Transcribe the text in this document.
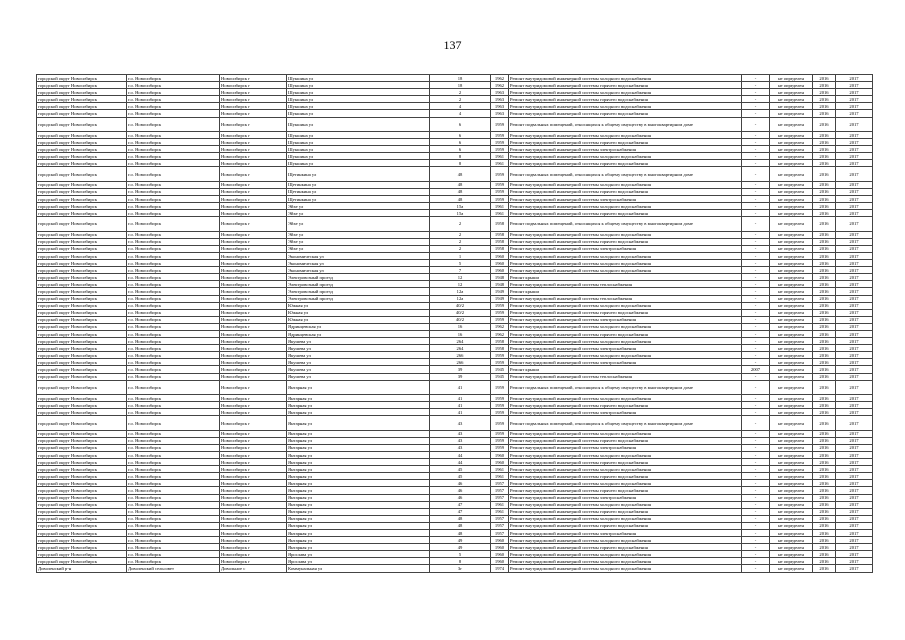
137
городской округ Новосибирск	г.о. Новосибирск	Новосибирск г	Шукшина ул	18	1962	Ремонт внутридомовой инженерной системы холодного водоснабжения	-	не определен	2016	2017
городской округ Новосибирск	г.о. Новосибирск	Новосибирск г	Шукшина ул	18	1962	Ремонт внутридомовой инженерной системы горячего водоснабжения	-	не определен	2016	2017
городской округ Новосибирск	г.о. Новосибирск	Новосибирск г	Шукшина ул	2	1963	Ремонт внутридомовой инженерной системы холодного водоснабжения	-	не определен	2016	2017
городской округ Новосибирск	г.о. Новосибирск	Новосибирск г	Шукшина ул	2	1963	Ремонт внутридомовой инженерной системы горячего водоснабжения	-	не определен	2016	2017
городской округ Новосибирск	г.о. Новосибирск	Новосибирск г	Шукшина ул	4	1963	Ремонт внутридомовой инженерной системы холодного водоснабжения	-	не определен	2016	2017
городской округ Новосибирск	г.о. Новосибирск	Новосибирск г	Шукшина ул	4	1963	Ремонт внутридомовой инженерной системы горячего водоснабжения	-	не определен	2016	2017
городской округ Новосибирск	г.о. Новосибирск	Новосибирск г	Шукшина ул	6	1959	Ремонт подвальных помещений, относящихся к общему имуществу в многоквартирном доме	-	не определен	2016	2017
городской округ Новосибирск	г.о. Новосибирск	Новосибирск г	Шукшина ул	6	1959	Ремонт внутридомовой инженерной системы холодного водоснабжения	-	не определен	2016	2017
городской округ Новосибирск	г.о. Новосибирск	Новосибирск г	Шукшина ул	6	1959	Ремонт внутридомовой инженерной системы горячего водоснабжения	-	не определен	2016	2017
городской округ Новосибирск	г.о. Новосибирск	Новосибирск г	Шукшина ул	6	1959	Ремонт внутридомовой инженерной системы электроснабжения	-	не определен	2016	2017
городской округ Новосибирск	г.о. Новосибирск	Новосибирск г	Шукшина ул	8	1961	Ремонт внутридомовой инженерной системы холодного водоснабжения	-	не определен	2016	2017
городской округ Новосибирск	г.о. Новосибирск	Новосибирск г	Шукшина ул	8	1961	Ремонт внутридомовой инженерной системы горячего водоснабжения	-	не определен	2016	2017
городской округ Новосибирск	г.о. Новосибирск	Новосибирск г	Щетинкина ул	48	1959	Ремонт подвальных помещений, относящихся к общему имуществу в многоквартирном доме	-	не определен	2016	2017
городской округ Новосибирск	г.о. Новосибирск	Новосибирск г	Щетинкина ул	48	1959	Ремонт внутридомовой инженерной системы холодного водоснабжения	-	не определен	2016	2017
городской округ Новосибирск	г.о. Новосибирск	Новосибирск г	Щетинкина ул	48	1959	Ремонт внутридомовой инженерной системы горячего водоснабжения	-	не определен	2016	2017
городской округ Новосибирск	г.о. Новосибирск	Новосибирск г	Щетинкина ул	48	1959	Ремонт внутридомовой инженерной системы электроснабжения	-	не определен	2016	2017
городской округ Новосибирск	г.о. Новосибирск	Новосибирск г	Эйхе ул	15а	1961	Ремонт внутридомовой инженерной системы холодного водоснабжения	-	не определен	2016	2017
городской округ Новосибирск	г.о. Новосибирск	Новосибирск г	Эйхе ул	15а	1961	Ремонт внутридомовой инженерной системы горячего водоснабжения	-	не определен	2016	2017
городской округ Новосибирск	г.о. Новосибирск	Новосибирск г	Эйхе ул	2	1958	Ремонт подвальных помещений, относящихся к общему имуществу в многоквартирном доме	-	не определен	2016	2017
городской округ Новосибирск	г.о. Новосибирск	Новосибирск г	Эйхе ул	2	1958	Ремонт внутридомовой инженерной системы холодного водоснабжения	-	не определен	2016	2017
городской округ Новосибирск	г.о. Новосибирск	Новосибирск г	Эйхе ул	2	1958	Ремонт внутридомовой инженерной системы горячего водоснабжения	-	не определен	2016	2017
городской округ Новосибирск	г.о. Новосибирск	Новосибирск г	Эйхе ул	2	1958	Ремонт внутридомовой инженерной системы электроснабжения	-	не определен	2016	2017
городской округ Новосибирск	г.о. Новосибирск	Новосибирск г	Экономическая ул	1	1960	Ремонт внутридомовой инженерной системы холодного водоснабжения	-	не определен	2016	2017
городской округ Новосибирск	г.о. Новосибирск	Новосибирск г	Экономическая ул	5	1960	Ремонт внутридомовой инженерной системы холодного водоснабжения	-	не определен	2016	2017
городской округ Новосибирск	г.о. Новосибирск	Новосибирск г	Экономическая ул	7	1960	Ремонт внутридомовой инженерной системы холодного водоснабжения	-	не определен	2016	2017
городской округ Новосибирск	г.о. Новосибирск	Новосибирск г	Электровозный проезд	12	1948	Ремонт крыши	-	не определен	2016	2017
городской округ Новосибирск	г.о. Новосибирск	Новосибирск г	Электровозный проезд	12	1948	Ремонт внутридомовой инженерной системы теплоснабжения	-	не определен	2016	2017
городской округ Новосибирск	г.о. Новосибирск	Новосибирск г	Электровозный проезд	12а	1949	Ремонт крыши	-	не определен	2016	2017
городской округ Новосибирск	г.о. Новосибирск	Новосибирск г	Электровозный проезд	12а	1949	Ремонт внутридомовой инженерной системы теплоснабжения	-	не определен	2016	2017
городской округ Новосибирск	г.о. Новосибирск	Новосибирск г	Южная ул	40/2	1959	Ремонт внутридомовой инженерной системы холодного водоснабжения	-	не определен	2016	2017
городской округ Новосибирск	г.о. Новосибирск	Новосибирск г	Южная ул	40/2	1959	Ремонт внутридомовой инженерной системы горячего водоснабжения	-	не определен	2016	2017
городской округ Новосибирск	г.о. Новосибирск	Новосибирск г	Южная ул	40/2	1959	Ремонт внутридомовой инженерной системы электроснабжения	-	не определен	2016	2017
городской округ Новосибирск	г.о. Новосибирск	Новосибирск г	Ядринцевская ул	16	1962	Ремонт внутридомовой инженерной системы холодного водоснабжения	-	не определен	2016	2017
городской округ Новосибирск	г.о. Новосибирск	Новосибирск г	Ядринцевская ул	16	1962	Ремонт внутридомовой инженерной системы горячего водоснабжения	-	не определен	2016	2017
городской округ Новосибирск	г.о. Новосибирск	Новосибирск г	Якушева ул	264	1958	Ремонт внутридомовой инженерной системы холодного водоснабжения	-	не определен	2016	2017
городской округ Новосибирск	г.о. Новосибирск	Новосибирск г	Якушева ул	264	1958	Ремонт внутридомовой инженерной системы электроснабжения	-	не определен	2016	2017
городской округ Новосибирск	г.о. Новосибирск	Новосибирск г	Якушева ул	266	1959	Ремонт внутридомовой инженерной системы холодного водоснабжения	-	не определен	2016	2017
городской округ Новосибирск	г.о. Новосибирск	Новосибирск г	Якушева ул	266	1959	Ремонт внутридомовой инженерной системы электроснабжения	-	не определен	2016	2017
городской округ Новосибирск	г.о. Новосибирск	Новосибирск г	Якушева ул	39	1945	Ремонт крыши	2007	не определен	2016	2017
городской округ Новосибирск	г.о. Новосибирск	Новосибирск г	Якушева ул	39	1945	Ремонт внутридомовой инженерной системы теплоснабжения	-	не определен	2016	2017
городской округ Новосибирск	г.о. Новосибирск	Новосибирск г	Янтарная ул	41	1959	Ремонт подвальных помещений, относящихся к общему имуществу в многоквартирном доме	-	не определен	2016	2017
городской округ Новосибирск	г.о. Новосибирск	Новосибирск г	Янтарная ул	41	1959	Ремонт внутридомовой инженерной системы холодного водоснабжения	-	не определен	2016	2017
городской округ Новосибирск	г.о. Новосибирск	Новосибирск г	Янтарная ул	41	1959	Ремонт внутридомовой инженерной системы горячего водоснабжения	-	не определен	2016	2017
городской округ Новосибирск	г.о. Новосибирск	Новосибирск г	Янтарная ул	41	1959	Ремонт внутридомовой инженерной системы электроснабжения	-	не определен	2016	2017
городской округ Новосибирск	г.о. Новосибирск	Новосибирск г	Янтарная ул	43	1959	Ремонт подвальных помещений, относящихся к общему имуществу в многоквартирном доме	-	не определен	2016	2017
городской округ Новосибирск	г.о. Новосибирск	Новосибирск г	Янтарная ул	43	1959	Ремонт внутридомовой инженерной системы холодного водоснабжения	-	не определен	2016	2017
городской округ Новосибирск	г.о. Новосибирск	Новосибирск г	Янтарная ул	43	1959	Ремонт внутридомовой инженерной системы горячего водоснабжения	-	не определен	2016	2017
городской округ Новосибирск	г.о. Новосибирск	Новосибирск г	Янтарная ул	43	1959	Ремонт внутридомовой инженерной системы электроснабжения	-	не определен	2016	2017
городской округ Новосибирск	г.о. Новосибирск	Новосибирск г	Янтарная ул	44	1960	Ремонт внутридомовой инженерной системы холодного водоснабжения	-	не определен	2016	2017
городской округ Новосибирск	г.о. Новосибирск	Новосибирск г	Янтарная ул	44	1960	Ремонт внутридомовой инженерной системы горячего водоснабжения	-	не определен	2016	2017
городской округ Новосибирск	г.о. Новосибирск	Новосибирск г	Янтарная ул	45	1961	Ремонт внутридомовой инженерной системы холодного водоснабжения	-	не определен	2016	2017
городской округ Новосибирск	г.о. Новосибирск	Новосибирск г	Янтарная ул	45	1961	Ремонт внутридомовой инженерной системы горячего водоснабжения	-	не определен	2016	2017
городской округ Новосибирск	г.о. Новосибирск	Новосибирск г	Янтарная ул	46	1957	Ремонт внутридомовой инженерной системы холодного водоснабжения	-	не определен	2016	2017
городской округ Новосибирск	г.о. Новосибирск	Новосибирск г	Янтарная ул	46	1957	Ремонт внутридомовой инженерной системы горячего водоснабжения	-	не определен	2016	2017
городской округ Новосибирск	г.о. Новосибирск	Новосибирск г	Янтарная ул	46	1957	Ремонт внутридомовой инженерной системы электроснабжения	-	не определен	2016	2017
городской округ Новосибирск	г.о. Новосибирск	Новосибирск г	Янтарная ул	47	1961	Ремонт внутридомовой инженерной системы холодного водоснабжения	-	не определен	2016	2017
городской округ Новосибирск	г.о. Новосибирск	Новосибирск г	Янтарная ул	47	1961	Ремонт внутридомовой инженерной системы горячего водоснабжения	-	не определен	2016	2017
городской округ Новосибирск	г.о. Новосибирск	Новосибирск г	Янтарная ул	48	1957	Ремонт внутридомовой инженерной системы холодного водоснабжения	-	не определен	2016	2017
городской округ Новосибирск	г.о. Новосибирск	Новосибирск г	Янтарная ул	48	1957	Ремонт внутридомовой инженерной системы горячего водоснабжения	-	не определен	2016	2017
городской округ Новосибирск	г.о. Новосибирск	Новосибирск г	Янтарная ул	48	1957	Ремонт внутридомовой инженерной системы электроснабжения	-	не определен	2016	2017
городской округ Новосибирск	г.о. Новосибирск	Новосибирск г	Янтарная ул	49	1960	Ремонт внутридомовой инженерной системы холодного водоснабжения	-	не определен	2016	2017
городской округ Новосибирск	г.о. Новосибирск	Новосибирск г	Янтарная ул	49	1960	Ремонт внутридомовой инженерной системы горячего водоснабжения	-	не определен	2016	2017
городской округ Новосибирск	г.о. Новосибирск	Новосибирск г	Ярослава ул	5	1960	Ремонт внутридомовой инженерной системы холодного водоснабжения	-	не определен	2016	2017
городской округ Новосибирск	г.о. Новосибирск	Новосибирск г	Ярослава ул	8	1960	Ремонт внутридомовой инженерной системы холодного водоснабжения	-	не определен	2016	2017
Доволенский р-н	Доволенский сельсовет	Довольное с	Коммунальная ул	3г	1974	Ремонт внутридомовой инженерной системы холодного водоснабжения	-	не определен	2016	2017
